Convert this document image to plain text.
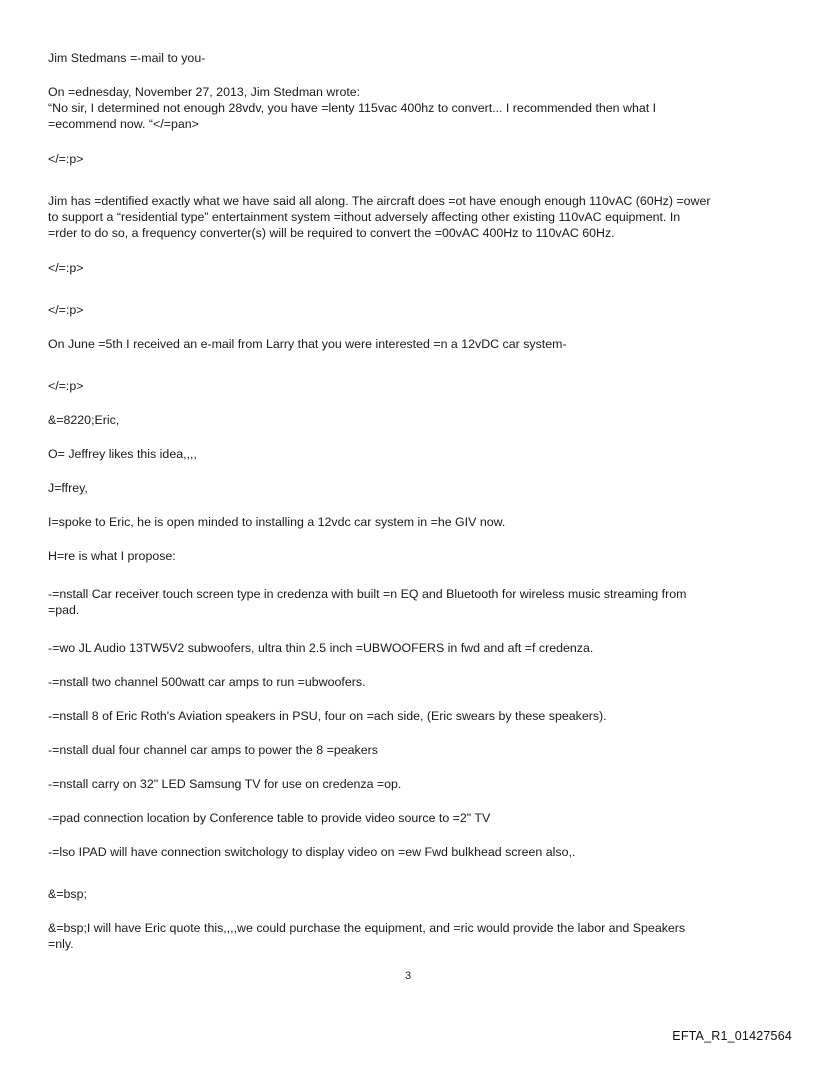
Jim Stedmans =-mail to you-
On =ednesday, November 27, 2013, Jim Stedman wrote:
“No sir, I determined not enough 28vdv, you have =lenty 115vac 400hz to convert... I recommended then what I
=ecommend now. “</=pan>
</=:p>
Jim has =dentified exactly what we have said all along. The aircraft does =ot have enough enough 110vAC (60Hz) =ower
to support a “residential type” entertainment system =ithout adversely affecting other existing 110vAC equipment. In
=rder to do so, a frequency converter(s) will be required to convert the =00vAC 400Hz to 110vAC 60Hz.
</=:p>
</=:p>
On June =5th I received an e-mail from Larry that you were interested =n a 12vDC car system-
</=:p>
&=8220;Eric,
O= Jeffrey likes this idea,,,,
J=ffrey,
I=spoke to Eric, he is open minded to installing a 12vdc car system in =he GIV now.
H=re is what I propose:
-=nstall Car receiver touch screen type in credenza with built =n EQ and Bluetooth for wireless music streaming from
=pad.
-=wo JL Audio 13TW5V2 subwoofers, ultra thin 2.5 inch =UBWOOFERS in fwd and aft =f credenza.
-=nstall two channel 500watt car amps to run =ubwoofers.
-=nstall 8 of Eric Roth's Aviation speakers in PSU, four on =ach side, (Eric swears by these speakers).
-=nstall dual four channel car amps to power the 8 =peakers
-=nstall carry on 32" LED Samsung TV for use on credenza =op.
-=pad connection location by Conference table to provide video source to =2" TV
-=lso IPAD will have connection switchology to display video on =ew Fwd bulkhead screen also,.
&=bsp;
&=bsp;I will have Eric quote this,,,,we could purchase the equipment, and =ric would provide the labor and Speakers
=nly.
3
EFTA_R1_01427564
